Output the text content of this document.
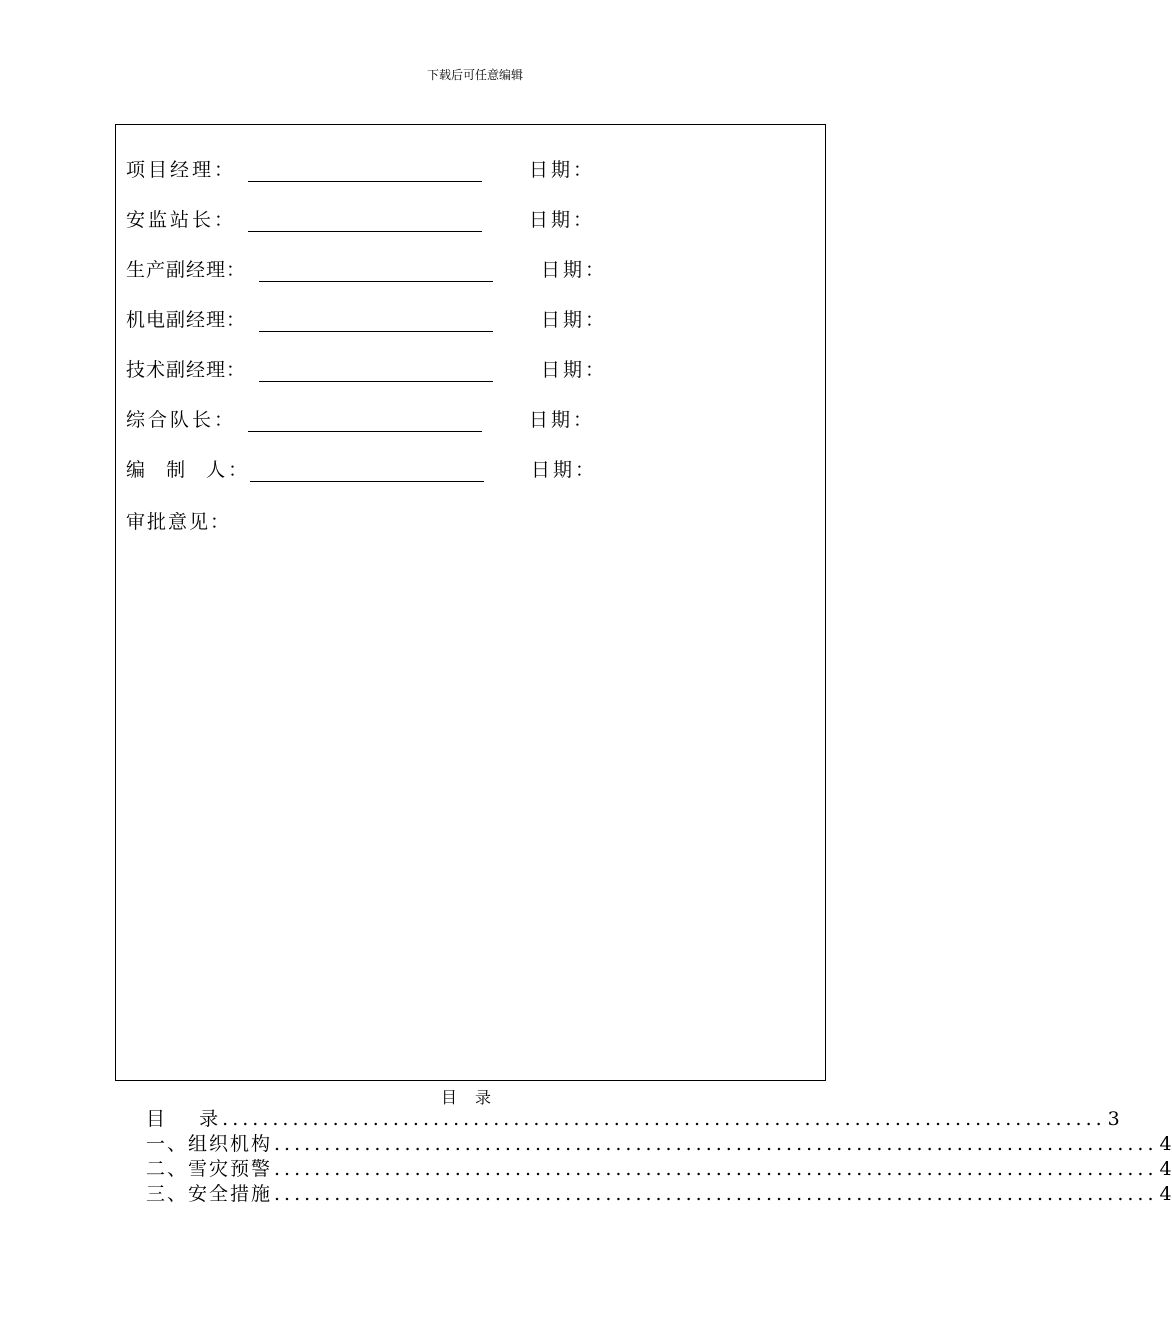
下载后可任意编辑
项目经理：	日期：
安监站长：	日期：
生产副经理：	日期：
机电副经理：	日期：
技术副经理：	日期：
综合队长：	日期：
编  制  人：	日期：
审批意见：
目录
目    录 ........................................................................................ 3
一、组织机构 ........................................................................................ 4
二、雪灾预警 ........................................................................................ 4
三、安全措施 ........................................................................................ 4
